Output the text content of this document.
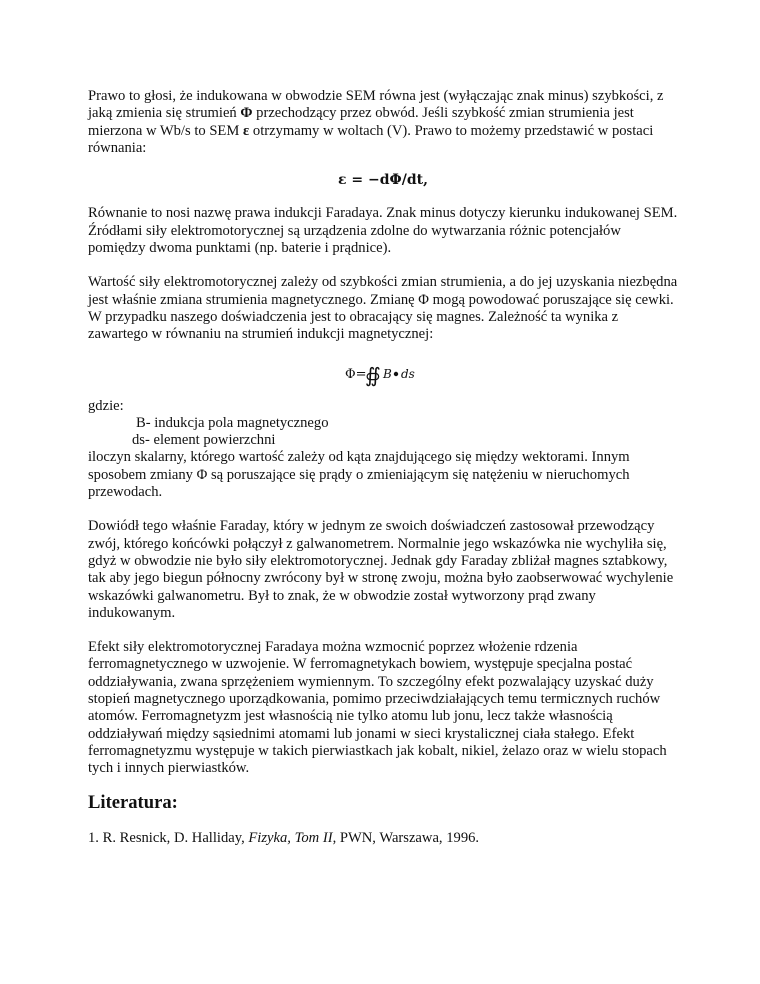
Prawo to głosi, że indukowana w obwodzie SEM równa jest (wyłączając znak minus) szybkości, z jaką zmienia się strumień Φ przechodzący przez obwód. Jeśli szybkość zmian strumienia jest mierzona w Wb/s to SEM ε otrzymamy w woltach (V). Prawo to możemy przedstawić w postaci równania:

ε = −dΦ/dt,

Równanie to nosi nazwę prawa indukcji Faradaya. Znak minus dotyczy kierunku indukowanej SEM.

Źródłami siły elektromotorycznej są urządzenia zdolne do wytwarzania różnic potencjałów pomiędzy dwoma punktami (np. baterie i prądnice).

Wartość siły elektromotorycznej zależy od szybkości zmian strumienia, a do jej uzyskania niezbędna jest właśnie zmiana strumienia magnetycznego. Zmianę Φ mogą powodować poruszające się cewki. W przypadku naszego doświadczenia jest to obracający się magnes. Zależność ta wynika z zawartego w równaniu na strumień indukcji magnetycznej:

Φ=
∯ B ds

gdzie:

B- indukcja pola magnetycznego

ds- element powierzchni

iloczyn skalarny, którego wartość zależy od kąta znajdującego się między wektorami. Innym sposobem zmiany Φ są poruszające się prądy o zmieniającym się natężeniu w nieruchomych przewodach.

Dowiódł tego właśnie Faraday, który w jednym ze swoich doświadczeń zastosował przewodzący zwój, którego końcówki połączył z galwanometrem. Normalnie jego wskazówka nie wychyliła się, gdyż w obwodzie nie było siły elektromotorycznej. Jednak gdy Faraday zbliżał magnes sztabkowy, tak aby jego biegun północny zwrócony był w stronę zwoju, można było zaobserwować wychylenie wskazówki galwanometru. Był to znak, że w obwodzie został wytworzony prąd zwany indukowanym.

Efekt siły elektromotorycznej Faradaya można wzmocnić poprzez włożenie rdzenia ferromagnetycznego w uzwojenie. W ferromagnetykach bowiem, występuje specjalna postać oddziaływania, zwana sprzężeniem wymiennym. To szczególny efekt pozwalający uzyskać duży stopień magnetycznego uporządkowania, pomimo przeciwdziałających temu termicznych ruchów atomów. Ferromagnetyzm jest własnością nie tylko atomu lub jonu, lecz także własnością oddziaływań między sąsiednimi atomami lub jonami w sieci krystalicznej ciała stałego. Efekt ferromagnetyzmu występuje w takich pierwiastkach jak kobalt, nikiel, żelazo oraz w wielu stopach tych i innych pierwiastków.

Literatura:

1. R. Resnick, D. Halliday, Fizyka, Tom II, PWN, Warszawa, 1996.
